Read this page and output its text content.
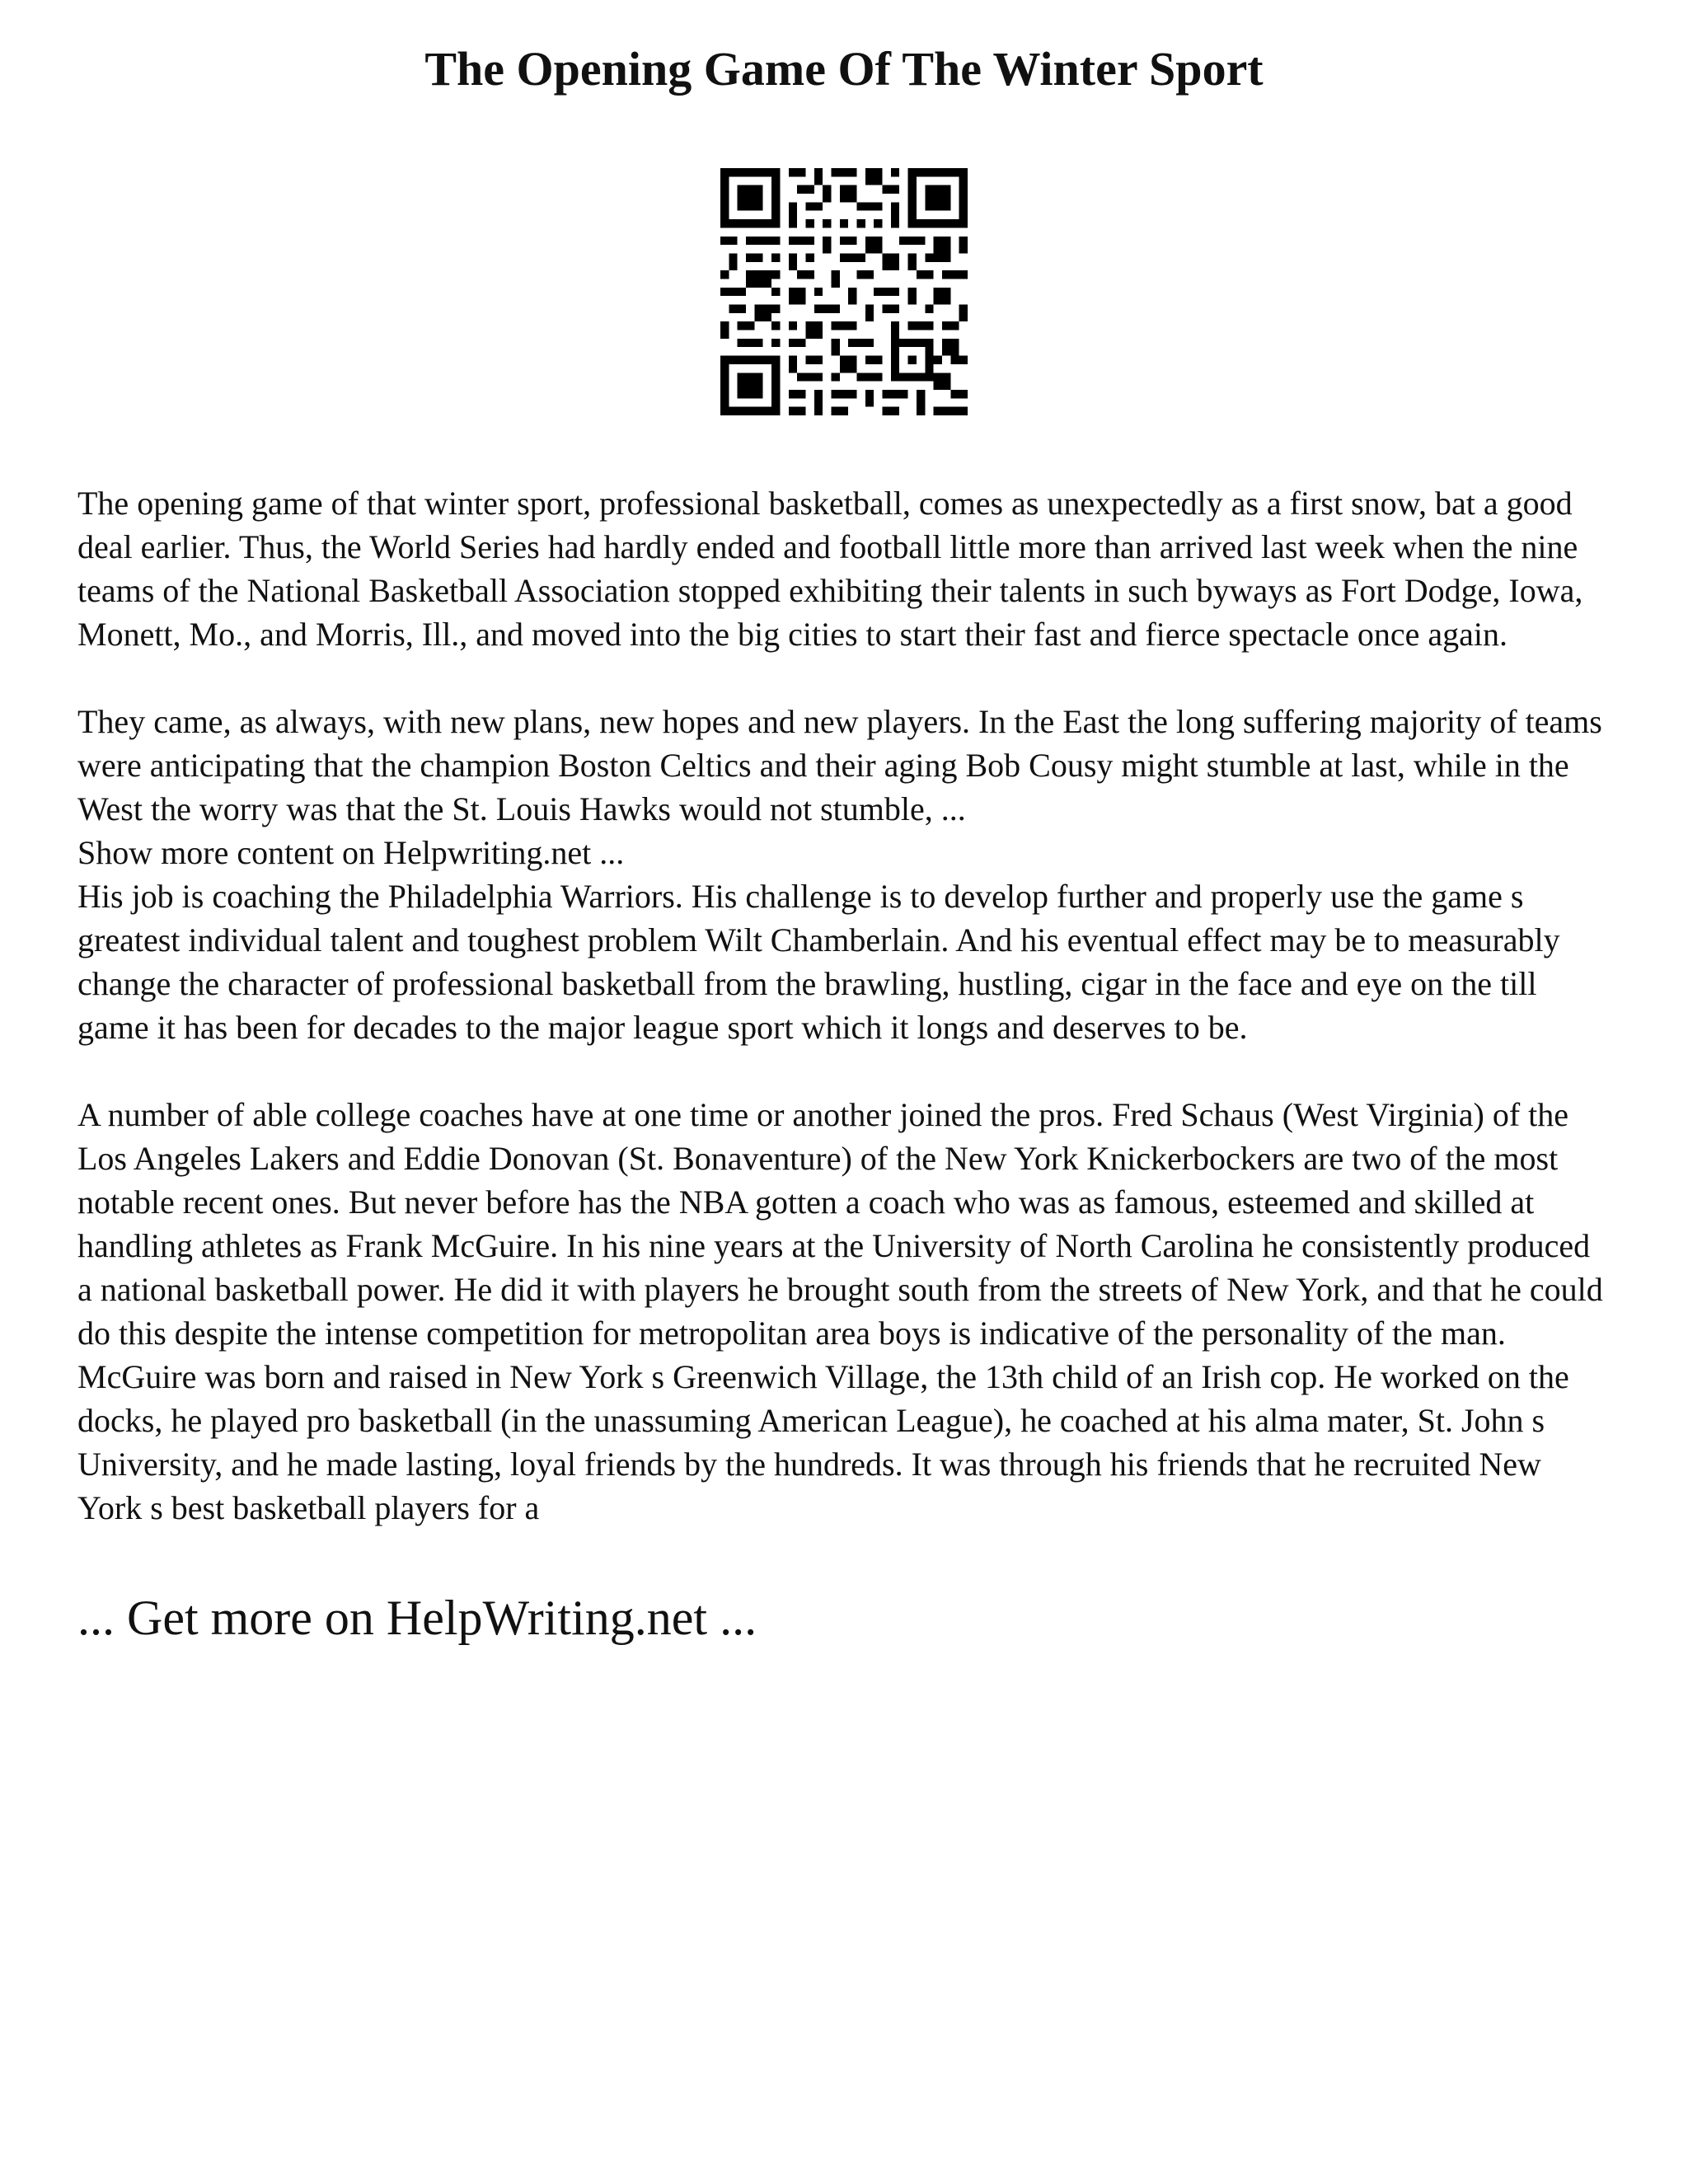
The Opening Game Of The Winter Sport

The opening game of that winter sport, professional basketball, comes as unexpectedly as a first snow, bat a good deal earlier. Thus, the World Series had hardly ended and football little more than arrived last week when the nine teams of the National Basketball Association stopped exhibiting their talents in such byways as Fort Dodge, Iowa, Monett, Mo., and Morris, Ill., and moved into the big cities to start their fast and fierce spectacle once again.

They came, as always, with new plans, new hopes and new players. In the East the long suffering majority of teams were anticipating that the champion Boston Celtics and their aging Bob Cousy might stumble at last, while in the West the worry was that the St. Louis Hawks would not stumble, ...

Show more content on Helpwriting.net ...

His job is coaching the Philadelphia Warriors. His challenge is to develop further and properly use the game s greatest individual talent and toughest problem Wilt Chamberlain. And his eventual effect may be to measurably change the character of professional basketball from the brawling, hustling, cigar in the face and eye on the till game it has been for decades to the major league sport which it longs and deserves to be.

A number of able college coaches have at one time or another joined the pros. Fred Schaus (West Virginia) of the Los Angeles Lakers and Eddie Donovan (St. Bonaventure) of the New York Knickerbockers are two of the most notable recent ones. But never before has the NBA gotten a coach who was as famous, esteemed and skilled at handling athletes as Frank McGuire. In his nine years at the University of North Carolina he consistently produced a national basketball power. He did it with players he brought south from the streets of New York, and that he could do this despite the intense competition for metropolitan area boys is indicative of the personality of the man. McGuire was born and raised in New York s Greenwich Village, the 13th child of an Irish cop. He worked on the docks, he played pro basketball (in the unassuming American League), he coached at his alma mater, St. John s University, and he made lasting, loyal friends by the hundreds. It was through his friends that he recruited New York s best basketball players for a

... Get more on HelpWriting.net ...
